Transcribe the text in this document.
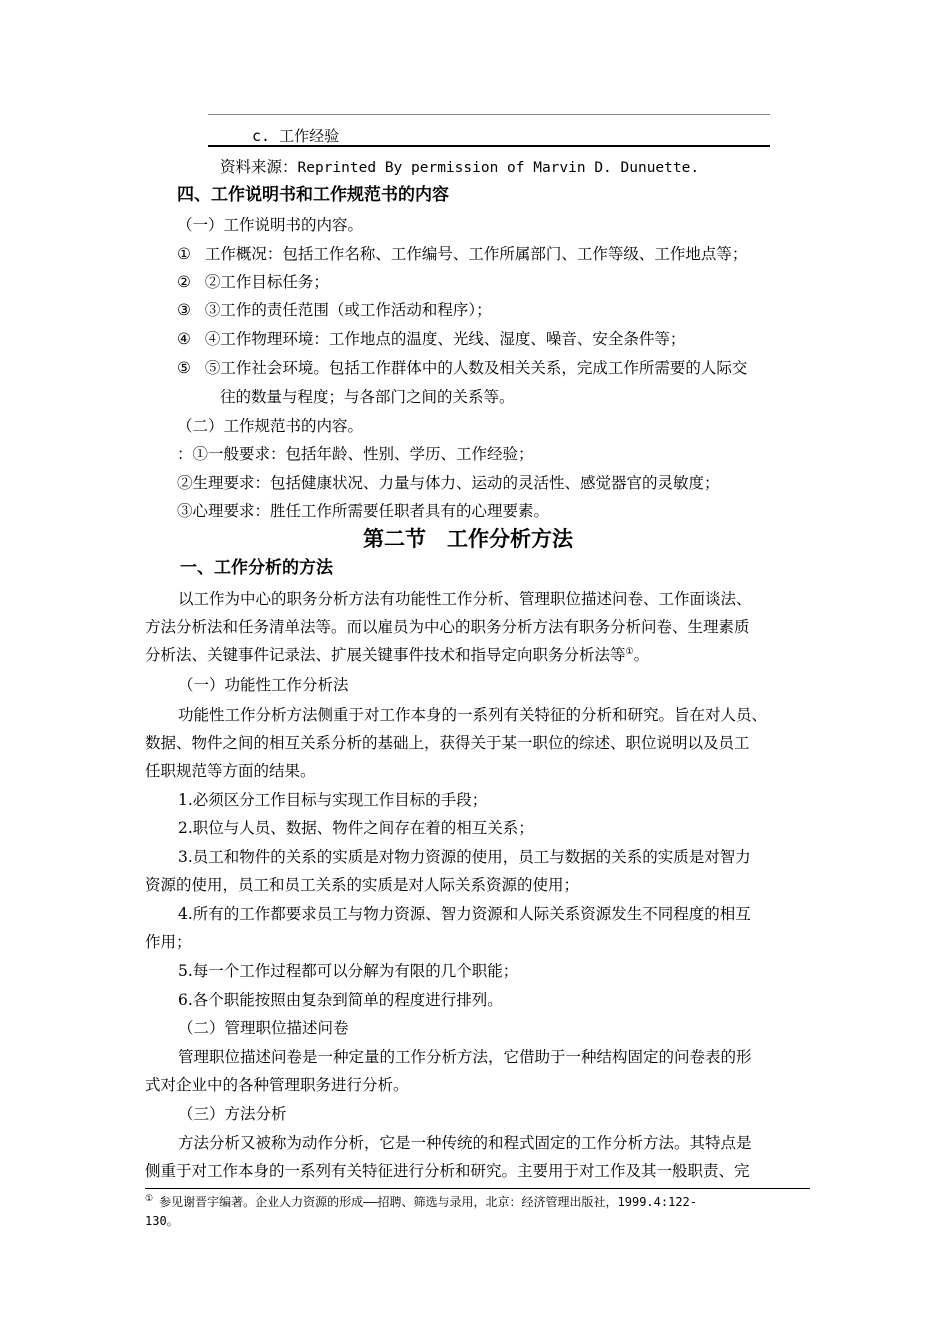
c. 工作经验
资料来源：Reprinted By permission of Marvin D. Dunuette.
四、工作说明书和工作规范书的内容
（一）工作说明书的内容。
① 工作概况：包括工作名称、工作编号、工作所属部门、工作等级、工作地点等；
② ②工作目标任务；
③ ③工作的责任范围（或工作活动和程序）；
④ ④工作物理环境：工作地点的温度、光线、湿度、噪音、安全条件等；
⑤ ⑤工作社会环境。包括工作群体中的人数及相关关系，完成工作所需要的人际交
往的数量与程度；与各部门之间的关系等。
（二）工作规范书的内容。
：①一般要求：包括年龄、性别、学历、工作经验；
②生理要求：包括健康状况、力量与体力、运动的灵活性、感觉器官的灵敏度；
③心理要求：胜任工作所需要任职者具有的心理要素。
第二节　工作分析方法
一、工作分析的方法
以工作为中心的职务分析方法有功能性工作分析、管理职位描述问卷、工作面谈法、
方法分析法和任务清单法等。而以雇员为中心的职务分析方法有职务分析问卷、生理素质
分析法、关键事件记录法、扩展关键事件技术和指导定向职务分析法等①。
（一）功能性工作分析法
功能性工作分析方法侧重于对工作本身的一系列有关特征的分析和研究。旨在对人员、
数据、物件之间的相互关系分析的基础上，获得关于某一职位的综述、职位说明以及员工
任职规范等方面的结果。
1.必须区分工作目标与实现工作目标的手段；
2.职位与人员、数据、物件之间存在着的相互关系；
3.员工和物件的关系的实质是对物力资源的使用，员工与数据的关系的实质是对智力
资源的使用，员工和员工关系的实质是对人际关系资源的使用；
4.所有的工作都要求员工与物力资源、智力资源和人际关系资源发生不同程度的相互
作用；
5.每一个工作过程都可以分解为有限的几个职能；
6.各个职能按照由复杂到简单的程度进行排列。
（二）管理职位描述问卷
管理职位描述问卷是一种定量的工作分析方法，它借助于一种结构固定的问卷表的形
式对企业中的各种管理职务进行分析。
（三）方法分析
方法分析又被称为动作分析，它是一种传统的和程式固定的工作分析方法。其特点是
侧重于对工作本身的一系列有关特征进行分析和研究。主要用于对工作及其一般职责、完
① 参见谢晋宇编著。企业人力资源的形成——招聘、筛选与录用，北京：经济管理出版社，1999.4:122-
130。
